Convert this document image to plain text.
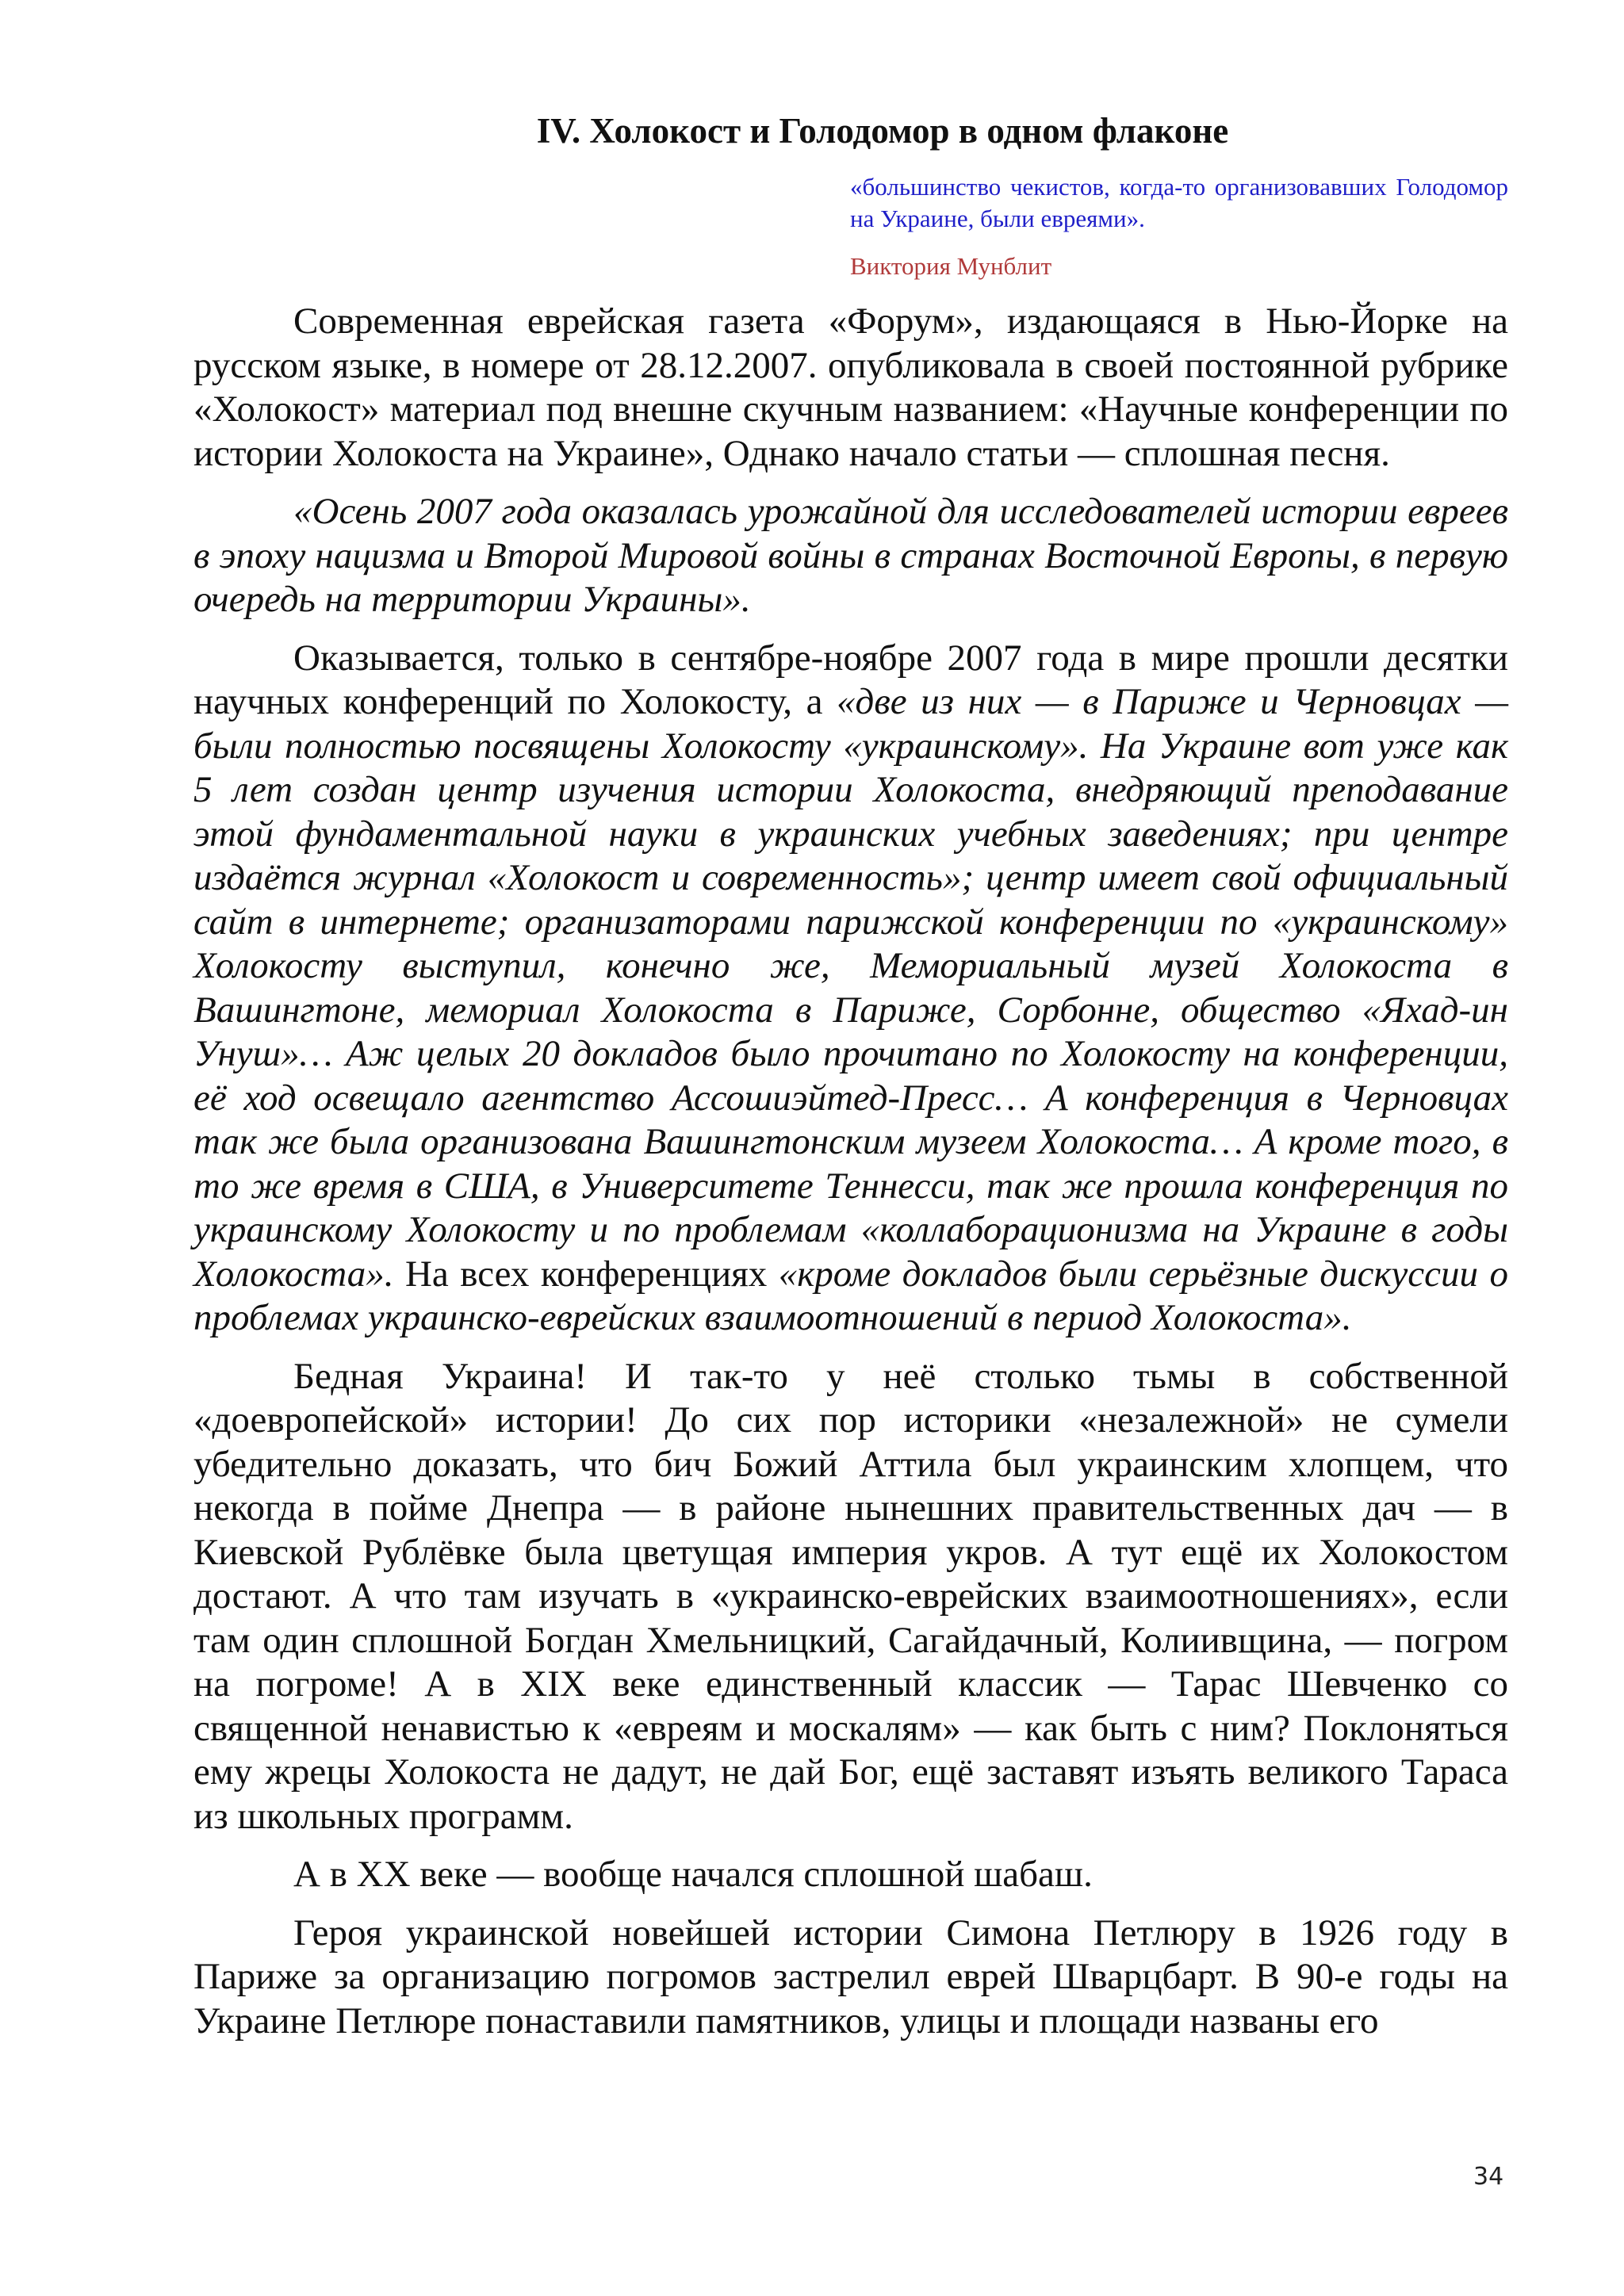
IV. Холокост и Голодомор в одном флаконе
«большинство чекистов, когда-то организовавших Голодомор на Украине, были евреями».
Виктория Мунблит

Современная еврейская газета «Форум», издающаяся в Нью-Йорке на русском языке, в номере от 28.12.2007. опубликовала в своей постоянной рубрике «Холокост» материал под внешне скучным названием: «Научные конференции по истории Холокоста на Украине», Однако начало статьи — сплошная песня.

«Осень 2007 года оказалась урожайной для исследователей истории евреев в эпоху нацизма и Второй Мировой войны в странах Восточной Европы, в первую очередь на территории Украины».

Оказывается, только в сентябре-ноябре 2007 года в мире прошли десятки научных конференций по Холокосту, а «две из них — в Париже и Черновцах — были полностью посвящены Холокосту «украинскому». На Украине вот уже как 5 лет создан центр изучения истории Холокоста, внедряющий преподавание этой фундаментальной науки в украинских учебных заведениях; при центре издаётся журнал «Холокост и современность»; центр имеет свой официальный сайт в интернете; организаторами парижской конференции по «украинскому» Холокосту выступил, конечно же, Мемориальный музей Холокоста в Вашингтоне, мемориал Холокоста в Париже, Сорбонне, общество «Яхад-ин Унуш»… Аж целых 20 докладов было прочитано по Холокосту на конференции, её ход освещало агентство Ассошиэйтед-Пресс… А конференция в Черновцах так же была организована Вашингтонским музеем Холокоста… А кроме того, в то же время в США, в Университете Теннесси, так же прошла конференция по украинскому Холокосту и по проблемам «коллаборационизма на Украине в годы Холокоста». На всех конференциях «кроме докладов были серьёзные дискуссии о проблемах украинско-еврейских взаимоотношений в период Холокоста».

Бедная Украина! И так-то у неё столько тьмы в собственной «доевропейской» истории! До сих пор историки «незалежной» не сумели убедительно доказать, что бич Божий Аттила был украинским хлопцем, что некогда в пойме Днепра — в районе нынешних правительственных дач — в Киевской Рублёвке была цветущая империя укров. А тут ещё их Холокостом достают. А что там изучать в «украинско-еврейских взаимоотношениях», если там один сплошной Богдан Хмельницкий, Сагайдачный, Колиивщина, — погром на погроме! А в XIX веке единственный классик — Тарас Шевченко со священной ненавистью к «евреям и москалям» — как быть с ним? Поклоняться ему жрецы Холокоста не дадут, не дай Бог, ещё заставят изъять великого Тараса из школьных программ.

А в XX веке — вообще начался сплошной шабаш.

Героя украинской новейшей истории Симона Петлюру в 1926 году в Париже за организацию погромов застрелил еврей Шварцбарт. В 90-е годы на Украине Петлюре понаставили памятников, улицы и площади названы его

34
